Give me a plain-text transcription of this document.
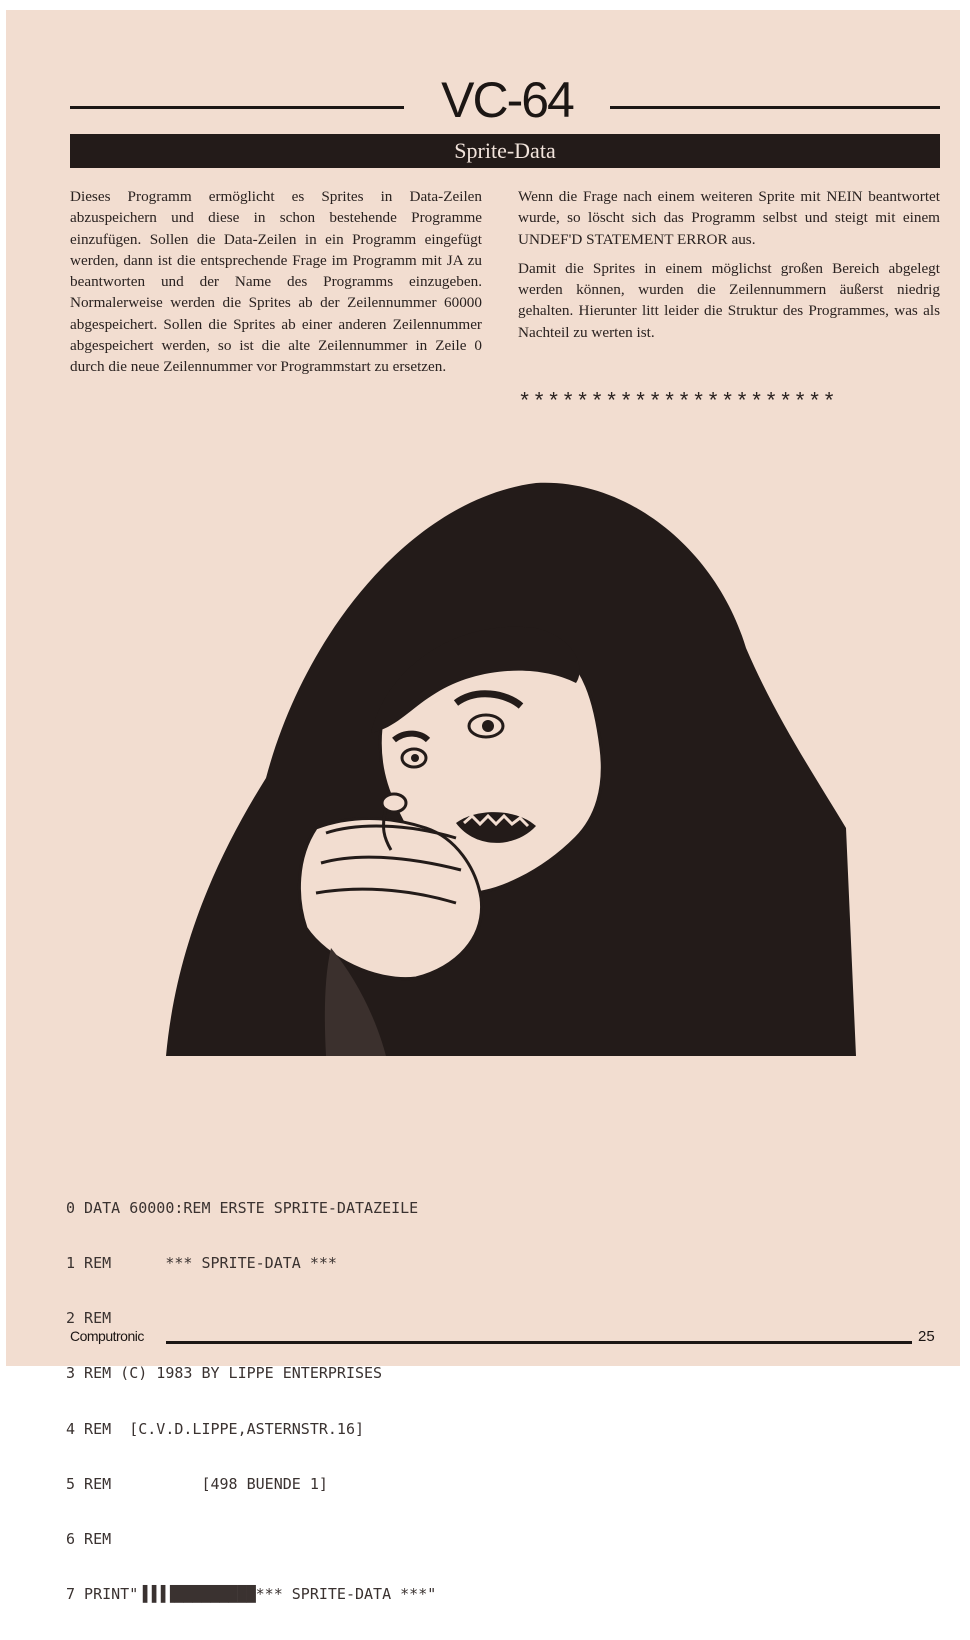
VC-64
Sprite-Data

Dieses Programm ermöglicht es Sprites in Data-Zeilen abzuspeichern und diese in schon bestehende Programme einzufügen. Sollen die Data-Zeilen in ein Programm eingefügt werden, dann ist die entsprechende Frage im Programm mit JA zu beantworten und der Name des Programms einzugeben. Normalerweise werden die Sprites ab der Zeilennummer 60000 abgespeichert. Sollen die Sprites ab einer anderen Zeilennummer abgespeichert werden, so ist die alte Zeilennummer in Zeile 0 durch die neue Zeilennummer vor Programmstart zu ersetzen.

Wenn die Frage nach einem weiteren Sprite mit NEIN beantwortet wurde, so löscht sich das Programm selbst und steigt mit einem UNDEF'D STATEMENT ERROR aus.

Damit die Sprites in einem möglichst großen Bereich abgelegt werden können, wurden die Zeilennummern äußerst niedrig gehalten. Hierunter litt leider die Struktur des Programmes, was als Nachteil zu werten ist.

**********************

0 DATA 60000:REM ERSTE SPRITE-DATAZEILE

1 REM      *** SPRITE-DATA ***

2 REM

3 REM (C) 1983 BY LIPPE ENTERPRISES

4 REM  [C.V.D.LIPPE,ASTERNSTR.16]

5 REM          [498 BUENDE 1]

6 REM

7 PRINT"▐▐▐▐█████████*** SPRITE-DATA ***"

Computronic	25
